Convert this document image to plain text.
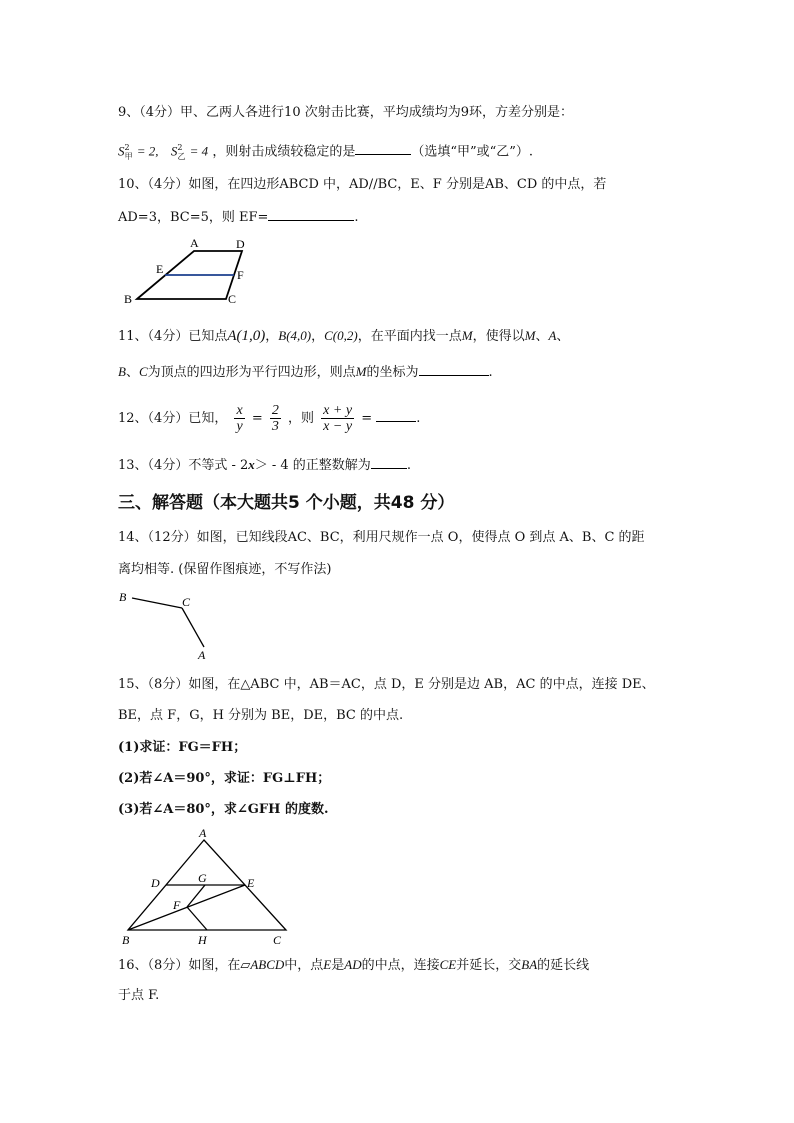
9、（4分）甲、乙两人各进行10 次射击比赛，平均成绩均为9环，方差分别是：
$S^2_甲 = 2$, $S^2_乙 = 4$ ，则射击成绩较稳定的是	（选填“甲”或“乙”）.
10、（4分）如图，在四边形ABCD 中，AD//BC，E、F 分别是AB、CD 的中点，若
AD=3，BC=5，则 EF=	.
A	D
E	F
B	C
11、（4分）已知点A(1,0)，B(4,0)，C(0,2)，在平面内找一点M，使得以M、A、
B、C为顶点的四边形为平行四边形，则点M的坐标为	.
12、（4分）已知， $\frac{x}{y} = \frac{2}{3}$ ，则 $\frac{x + y}{x - y}$ =	.
13、（4分）不等式 - 2x＞ - 4 的正整数解为	.
三、解答题（本大题共5 个小题，共48 分）
14、（12分）如图，已知线段AC、BC，利用尺规作一点 O，使得点 O 到点 A、B、C 的距
离均相等. (保留作图痕迹，不写作法)
B	C
A
15、（8分）如图，在△ABC 中，AB＝AC，点 D，E 分别是边 AB，AC 的中点，连接 DE、
BE，点 F，G，H 分别为 BE，DE，BC 的中点.
(1)求证：FG＝FH；
(2)若∠A＝90°，求证：FG⊥FH；
(3)若∠A＝80°，求∠GFH 的度数.
A
D	G	E
F
B	H	C
16、（8分）如图，在▱ABCD中，点E是AD的中点，连接CE并延长，交BA的延长线
于点 F.
